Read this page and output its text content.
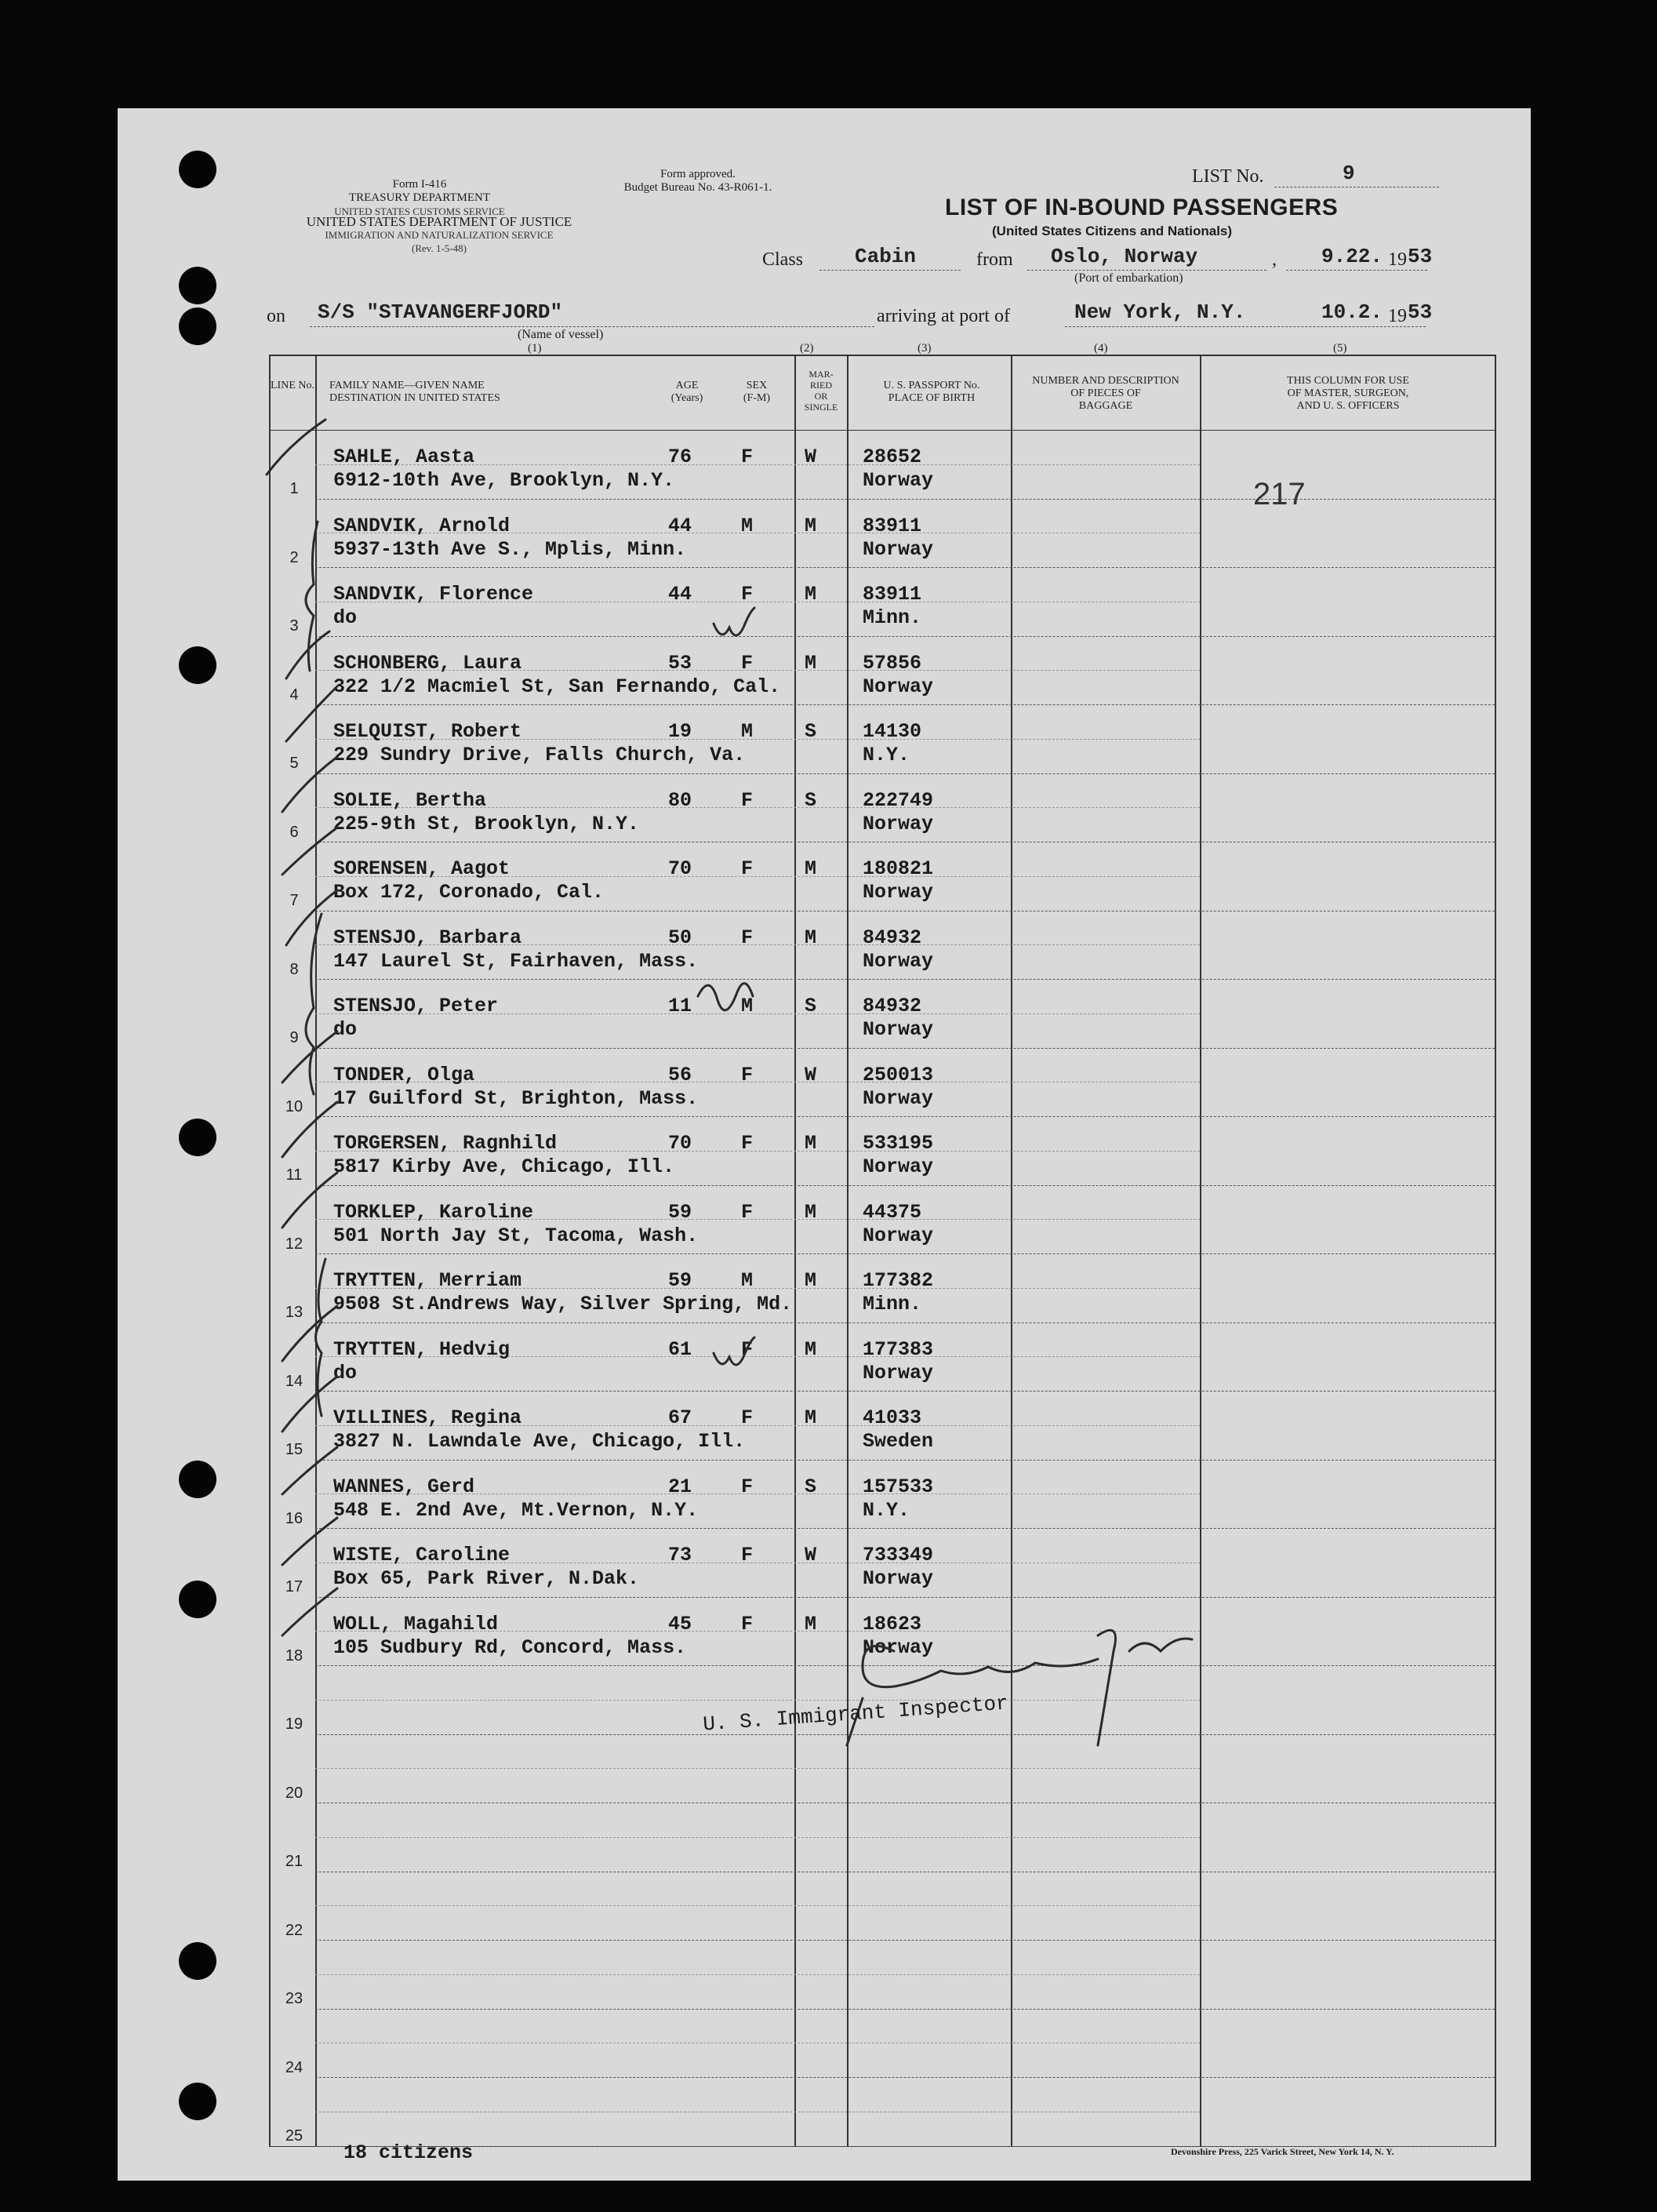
Form I-416
TREASURY DEPARTMENT
UNITED STATES CUSTOMS SERVICE
UNITED STATES DEPARTMENT OF JUSTICE
IMMIGRATION AND NATURALIZATION SERVICE
(Rev. 1-5-48)
Form approved.
Budget Bureau No. 43-R061-1.
LIST No.	9
LIST OF IN-BOUND PASSENGERS
(United States Citizens and Nationals)
Class	Cabin	from Oslo, Norway
(Port of embarkation)
, 9.22. 19 53
on S/S "STAVANGERFJORD"
(Name of vessel)
arriving at port of	New York, N.Y.	10.2. 19 53
(1)	(2)	(3)	(4)	(5)
LINE No. FAMILY NAME—GIVEN NAME
DESTINATION IN UNITED STATES
AGE
(Years)
SEX
(F-M)
MAR-
RIED
OR
SINGLE
U. S. PASSPORT No.
PLACE OF BIRTH
NUMBER AND DESCRIPTION
OF PIECES OF
BAGGAGE
THIS COLUMN FOR USE
OF MASTER, SURGEON,
AND U. S. OFFICERS
1
SAHLE, Aasta
6912-10th Ave, Brooklyn, N.Y.
76	F	W 28652
Norway
2
SANDVIK, Arnold
5937-13th Ave S., Mplis, Minn.
44	M	M 83911
Norway
3
SANDVIK, Florence
do
44	F	M 83911
Minn.
4
SCHONBERG, Laura
322 1/2 Macmiel St, San Fernando, Cal.
53	F	M 57856
Norway
5
SELQUIST, Robert
229 Sundry Drive, Falls Church, Va.
19	M	S 14130
N.Y.
6
SOLIE, Bertha
225-9th St, Brooklyn, N.Y.
80	F	S 222749
Norway
7
SORENSEN, Aagot
Box 172, Coronado, Cal.
70	F	M 180821
Norway
8
STENSJO, Barbara
147 Laurel St, Fairhaven, Mass.
50	F	M 84932
Norway
9
STENSJO, Peter
do
11	M	S 84932
Norway
10
TONDER, Olga
17 Guilford St, Brighton, Mass.
56	F	W 250013
Norway
11
TORGERSEN, Ragnhild
5817 Kirby Ave, Chicago, Ill.
70	F	M 533195
Norway
12
TORKLEP, Karoline
501 North Jay St, Tacoma, Wash.
59	F	M 44375
Norway
13
TRYTTEN, Merriam
9508 St.Andrews Way, Silver Spring, Md.
59	M	M 177382
Minn.
14
TRYTTEN, Hedvig
do
61	F	M 177383
Norway
15
VILLINES, Regina
3827 N. Lawndale Ave, Chicago, Ill.
67	F	M 41033
Sweden
16
WANNES, Gerd
548 E. 2nd Ave, Mt.Vernon, N.Y.
21	F	S 157533
N.Y.
17
WISTE, Caroline
Box 65, Park River, N.Dak.
73	F	W 733349
Norway
18
WOLL, Magahild
105 Sudbury Rd, Concord, Mass.
45	F	M 18623
Norway
19
20
21
22
23
24
25
217
U. S. Immigrant Inspector
18 citizens	Devonshire Press, 225 Varick Street, New York 14, N. Y.
